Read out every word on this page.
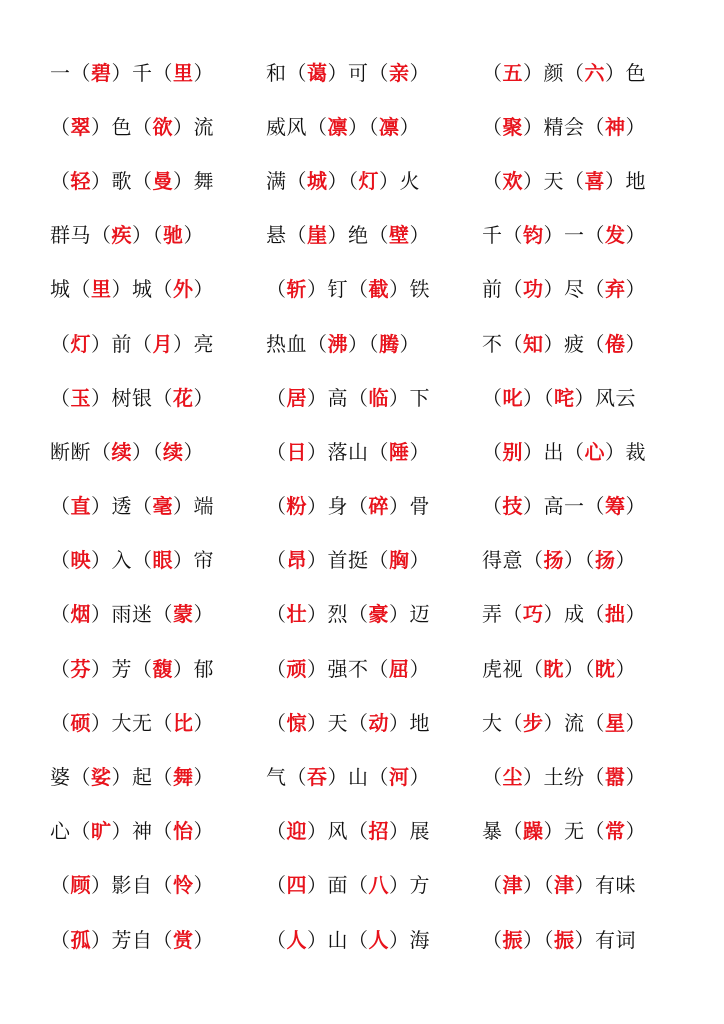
一（ 碧 ）千（ 里 ）	和（ 蔼 ）可（ 亲 ）	（ 五 ）颜（ 六 ）色
（ 翠 ）色（ 欲 ）流	威风（ 凛 ）（ 凛 ）	（ 聚 ）精会（ 神 ）
（ 轻 ）歌（ 曼 ）舞	满（ 城 ）（ 灯 ）火	（ 欢 ）天（ 喜 ）地
群马（ 疾 ）（ 驰 ）	悬（ 崖 ）绝（ 壁 ）	千（ 钧 ）一（ 发 ）
城（ 里 ）城（ 外 ）	（ 斩 ）钉（ 截 ）铁	前（ 功 ）尽（ 弃 ）
（ 灯 ）前（ 月 ）亮	热血（ 沸 ）（ 腾 ）	不（ 知 ）疲（ 倦 ）
（ 玉 ）树银（ 花 ）	（ 居 ）高（ 临 ）下	（ 叱 ）（ 咤 ）风云
断断（ 续 ）（ 续 ）	（ 日 ）落山（ 陲 ）	（ 别 ）出（ 心 ）裁
（ 直 ）透（ 毫 ）端	（ 粉 ）身（ 碎 ）骨	（ 技 ）高一（ 筹 ）
（ 映 ）入（ 眼 ）帘	（ 昂 ）首挺（ 胸 ）	得意（ 扬 ）（ 扬 ）
（ 烟 ）雨迷（ 蒙 ）	（ 壮 ）烈（ 豪 ）迈	弄（ 巧 ）成（ 拙 ）
（ 芬 ）芳（ 馥 ）郁	（ 顽 ）强不（ 屈 ）	虎视（ 眈 ）（ 眈 ）
（ 硕 ）大无（ 比 ）	（ 惊 ）天（ 动 ）地	大（ 步 ）流（ 星 ）
婆（ 娑 ）起（ 舞 ）	气（ 吞 ）山（ 河 ）	（ 尘 ）土纷（ 嚣 ）
心（ 旷 ）神（ 怡 ）	（ 迎 ）风（ 招 ）展	暴（ 躁 ）无（ 常 ）
（ 顾 ）影自（ 怜 ）	（ 四 ）面（ 八 ）方	（ 津 ）（ 津 ）有味
（ 孤 ）芳自（ 赏 ）	（ 人 ）山（ 人 ）海	（ 振 ）（ 振 ）有词
